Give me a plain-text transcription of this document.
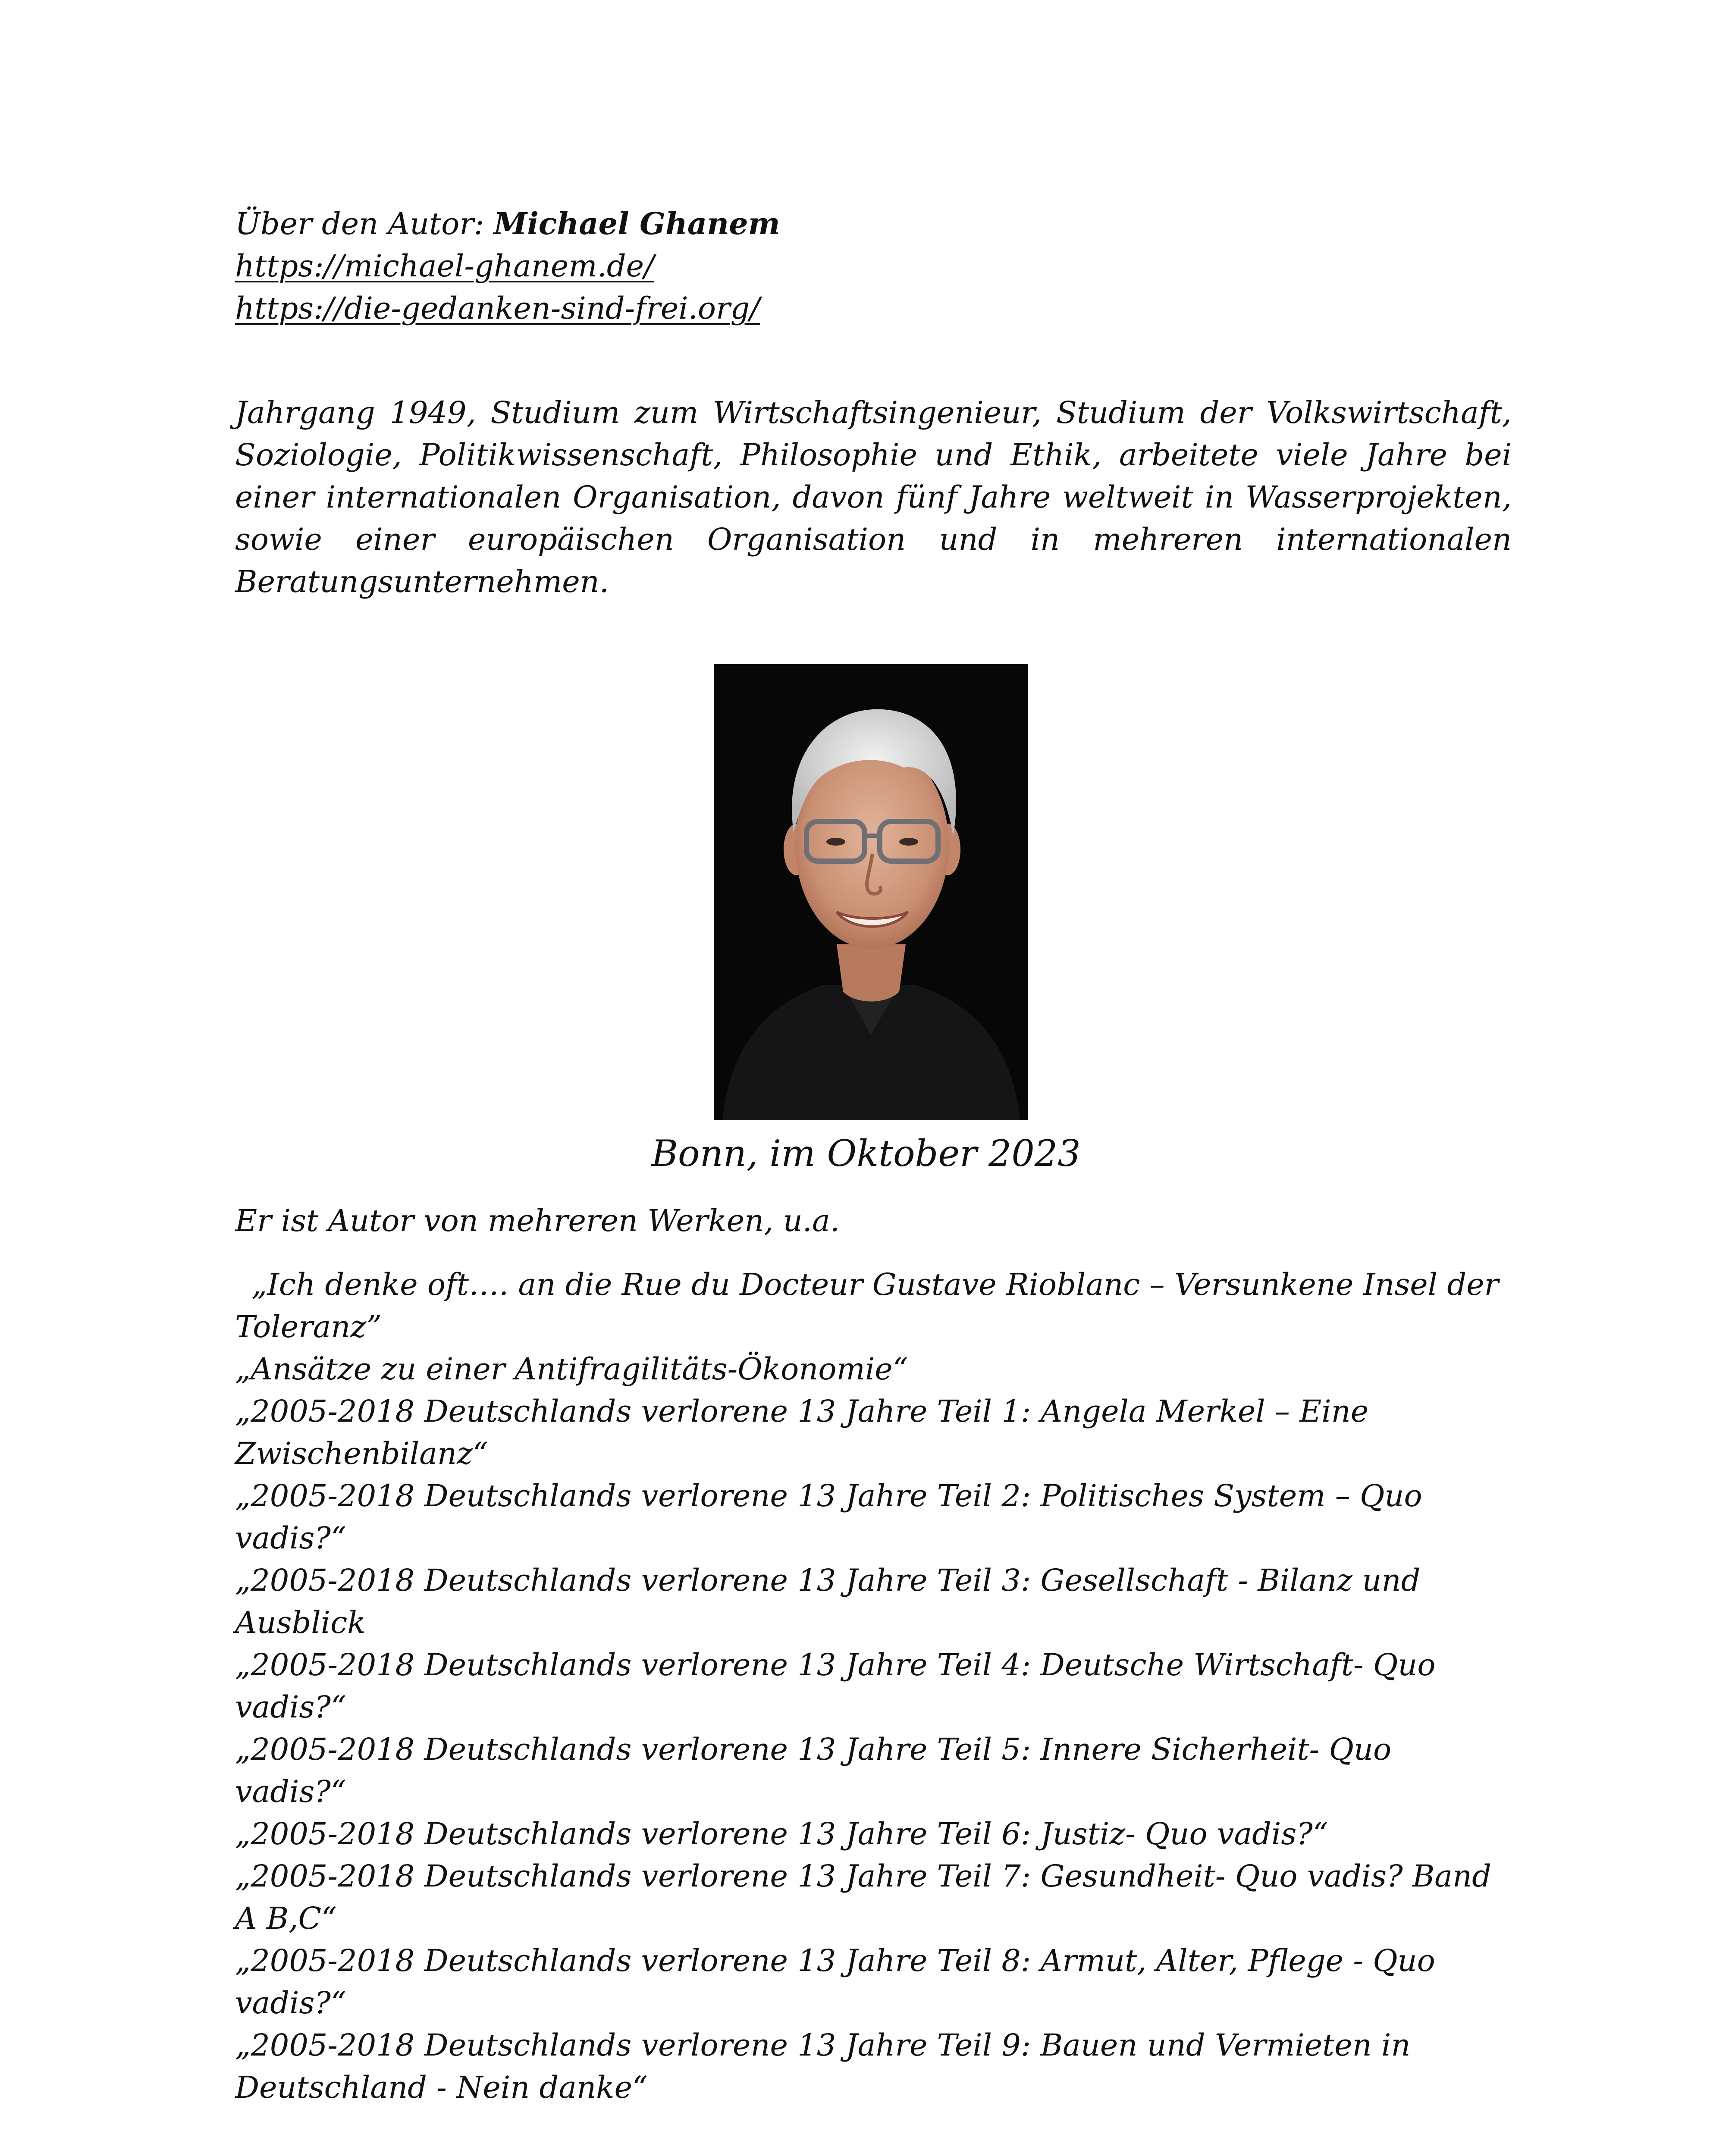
Über den Autor: Michael Ghanem
https://michael-ghanem.de/
https://die-gedanken-sind-frei.org/

Jahrgang 1949, Studium zum Wirtschaftsingenieur, Studium der Volkswirtschaft, Soziologie, Politikwissenschaft, Philosophie und Ethik, arbeitete viele Jahre bei einer internationalen Organisation, davon fünf Jahre weltweit in Wasserprojekten, sowie einer europäischen Organisation und in mehreren internationalen Beratungsunternehmen.

Bonn, im Oktober 2023

Er ist Autor von mehreren Werken, u.a.

„Ich denke oft…. an die Rue du Docteur Gustave Rioblanc – Versunkene Insel der Toleranz”
„Ansätze zu einer Antifragilitäts-Ökonomie“
„2005-2018 Deutschlands verlorene 13 Jahre Teil 1: Angela Merkel – Eine Zwischenbilanz“
„2005-2018 Deutschlands verlorene 13 Jahre Teil 2: Politisches System – Quo vadis?“
„2005-2018 Deutschlands verlorene 13 Jahre Teil 3: Gesellschaft - Bilanz und Ausblick
„2005-2018 Deutschlands verlorene 13 Jahre Teil 4: Deutsche Wirtschaft- Quo vadis?“
„2005-2018 Deutschlands verlorene 13 Jahre Teil 5: Innere Sicherheit- Quo vadis?“
„2005-2018 Deutschlands verlorene 13 Jahre Teil 6: Justiz- Quo vadis?“
„2005-2018 Deutschlands verlorene 13 Jahre Teil 7: Gesundheit- Quo vadis? Band A B,C“
„2005-2018 Deutschlands verlorene 13 Jahre Teil 8: Armut, Alter, Pflege - Quo vadis?“
„2005-2018 Deutschlands verlorene 13 Jahre Teil 9: Bauen und Vermieten in Deutschland - Nein danke“
